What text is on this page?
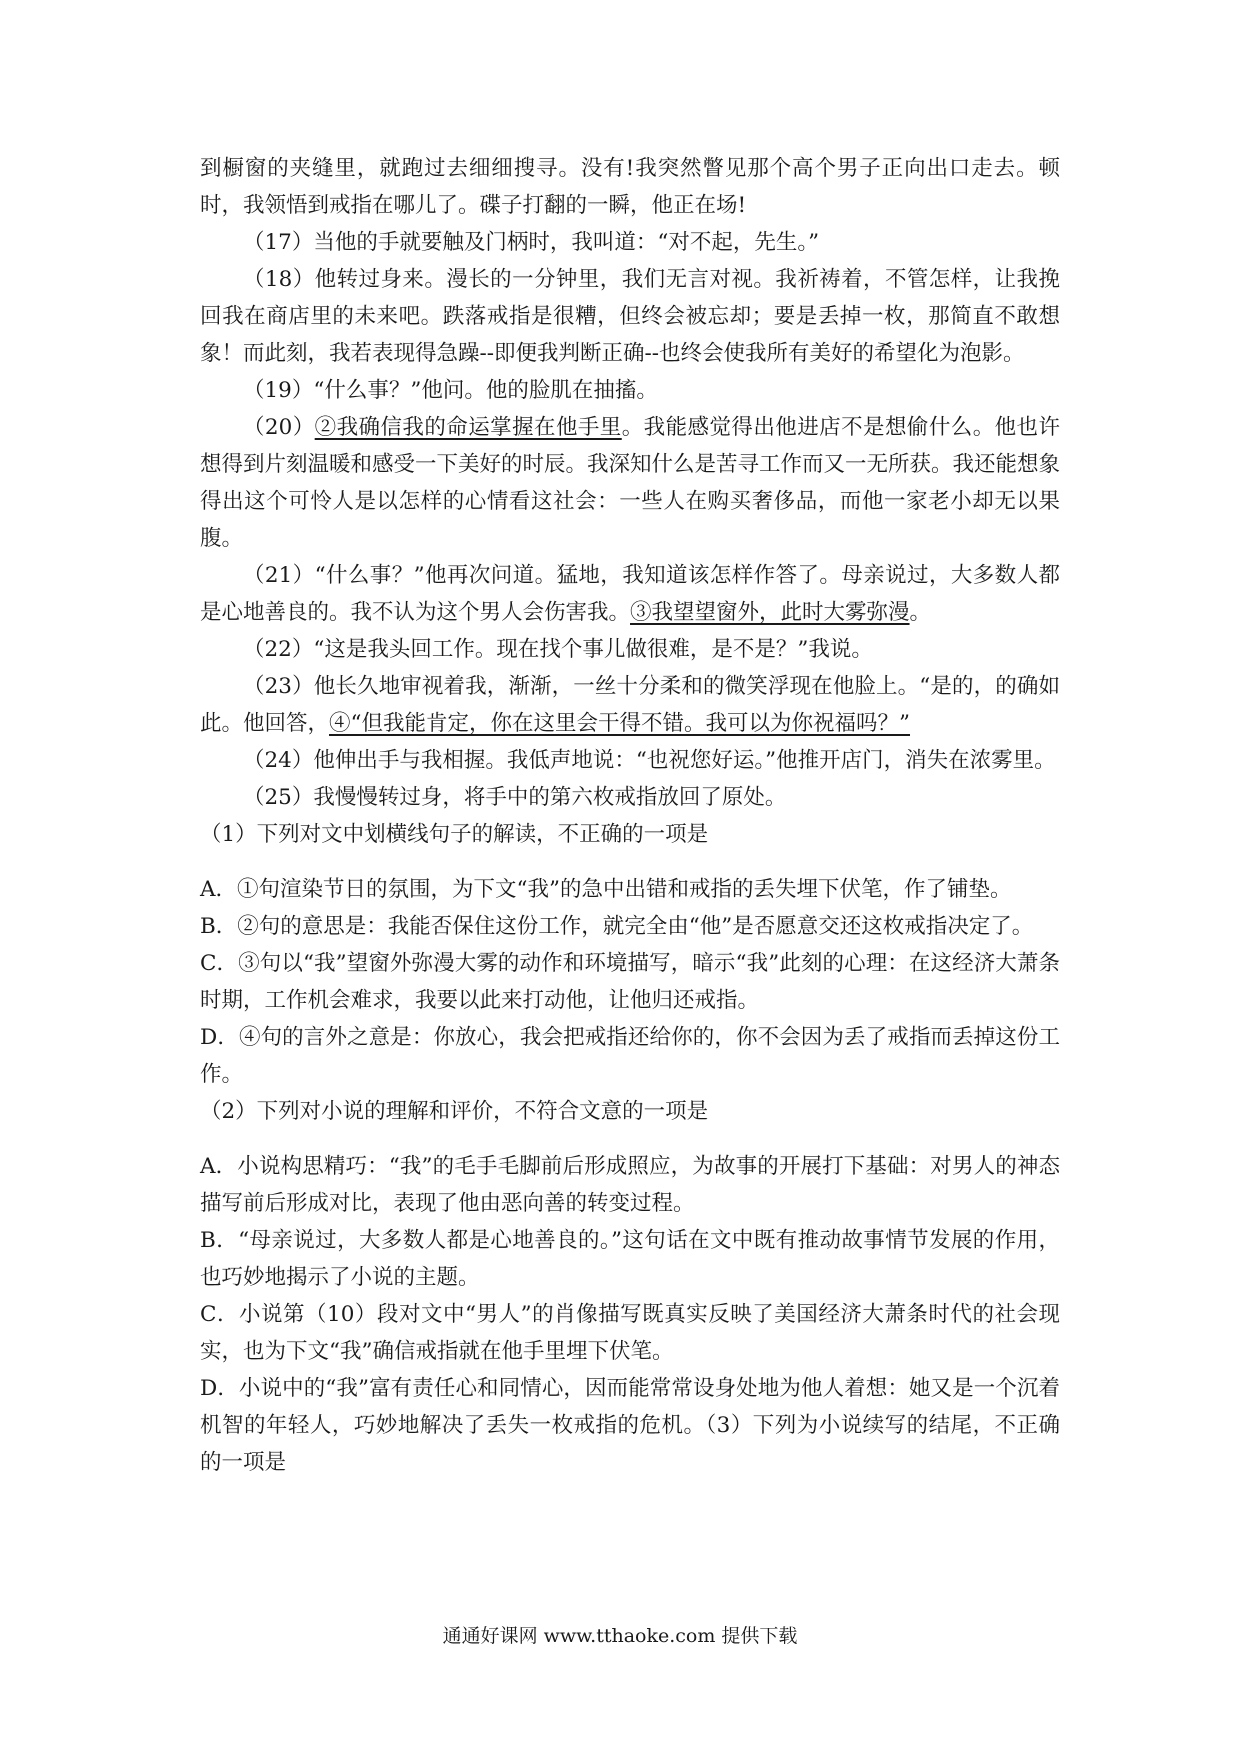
到橱窗的夹缝里，就跑过去细细搜寻。没有!我突然瞥见那个高个男子正向出口走去。顿时，我领悟到戒指在哪儿了。碟子打翻的一瞬，他正在场!

（17）当他的手就要触及门柄时，我叫道：“对不起，先生。”

（18）他转过身来。漫长的一分钟里，我们无言对视。我祈祷着，不管怎样，让我挽回我在商店里的未来吧。跌落戒指是很糟，但终会被忘却；要是丢掉一枚，那简直不敢想象！而此刻，我若表现得急躁--即便我判断正确--也终会使我所有美好的希望化为泡影。

（19）“什么事？”他问。他的脸肌在抽搐。

（20）②我确信我的命运掌握在他手里。我能感觉得出他进店不是想偷什么。他也许想得到片刻温暖和感受一下美好的时辰。我深知什么是苦寻工作而又一无所获。我还能想象得出这个可怜人是以怎样的心情看这社会：一些人在购买奢侈品，而他一家老小却无以果腹。

（21）“什么事？”他再次问道。猛地，我知道该怎样作答了。母亲说过，大多数人都是心地善良的。我不认为这个男人会伤害我。③我望望窗外，此时大雾弥漫。

（22）“这是我头回工作。现在找个事儿做很难，是不是？”我说。

（23）他长久地审视着我，渐渐，一丝十分柔和的微笑浮现在他脸上。“是的，的确如此。他回答，④“但我能肯定，你在这里会干得不错。我可以为你祝福吗？”

（24）他伸出手与我相握。我低声地说：“也祝您好运。”他推开店门，消失在浓雾里。

（25）我慢慢转过身，将手中的第六枚戒指放回了原处。

（1）下列对文中划横线句子的解读，不正确的一项是

A．①句渲染节日的氛围，为下文“我”的急中出错和戒指的丢失埋下伏笔，作了铺垫。

B．②句的意思是：我能否保住这份工作，就完全由“他”是否愿意交还这枚戒指决定了。

C．③句以“我”望窗外弥漫大雾的动作和环境描写，暗示“我”此刻的心理：在这经济大萧条时期，工作机会难求，我要以此来打动他，让他归还戒指。

D．④句的言外之意是：你放心，我会把戒指还给你的，你不会因为丢了戒指而丢掉这份工作。

（2）下列对小说的理解和评价，不符合文意的一项是

A．小说构思精巧：“我”的毛手毛脚前后形成照应，为故事的开展打下基础：对男人的神态描写前后形成对比，表现了他由恶向善的转变过程。

B．“母亲说过，大多数人都是心地善良的。”这句话在文中既有推动故事情节发展的作用，也巧妙地揭示了小说的主题。

C．小说第（10）段对文中“男人”的肖像描写既真实反映了美国经济大萧条时代的社会现实，也为下文“我”确信戒指就在他手里埋下伏笔。

D．小说中的“我”富有责任心和同情心，因而能常常设身处地为他人着想：她又是一个沉着机智的年轻人，巧妙地解决了丢失一枚戒指的危机。（3）下列为小说续写的结尾，不正确的一项是

通通好课网 www.tthaoke.com 提供下载
